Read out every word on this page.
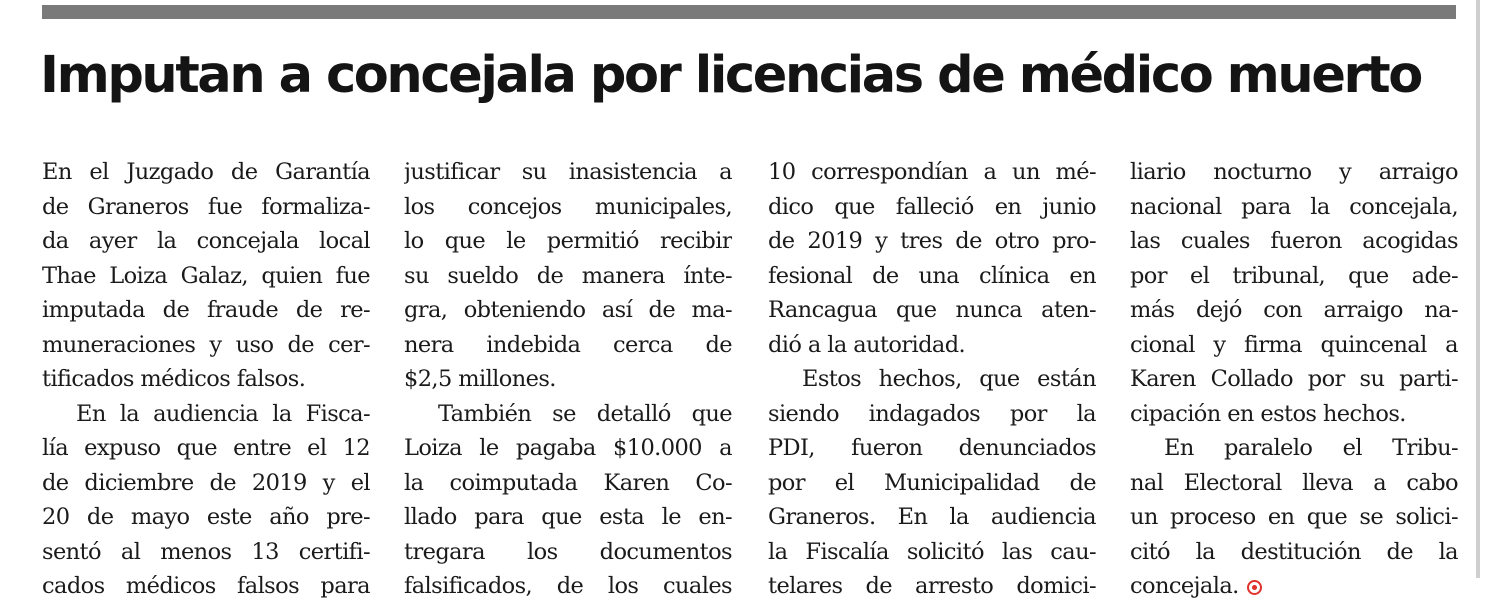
Imputan a concejala por licencias de médico muerto
En el Juzgado de Garantía
de Graneros fue formaliza-
da ayer la concejala local
Thae Loiza Galaz, quien fue
imputada de fraude de re-
muneraciones y uso de cer-
tificados médicos falsos.
En la audiencia la Fisca-
lía expuso que entre el 12
de diciembre de 2019 y el
20 de mayo este año pre-
sentó al menos 13 certifi-
cados médicos falsos para
justificar su inasistencia a
los concejos municipales,
lo que le permitió recibir
su sueldo de manera ínte-
gra, obteniendo así de ma-
nera indebida cerca de
$2,5 millones.
También se detalló que
Loiza le pagaba $10.000 a
la coimputada Karen Co-
llado para que esta le en-
tregara los documentos
falsificados, de los cuales
10 correspondían a un mé-
dico que falleció en junio
de 2019 y tres de otro pro-
fesional de una clínica en
Rancagua que nunca aten-
dió a la autoridad.
Estos hechos, que están
siendo indagados por la
PDI, fueron denunciados
por el Municipalidad de
Graneros. En la audiencia
la Fiscalía solicitó las cau-
telares de arresto domici-
liario nocturno y arraigo
nacional para la concejala,
las cuales fueron acogidas
por el tribunal, que ade-
más dejó con arraigo na-
cional y firma quincenal a
Karen Collado por su parti-
cipación en estos hechos.
En paralelo el Tribu-
nal Electoral lleva a cabo
un proceso en que se solici-
citó la destitución de la
concejala.
